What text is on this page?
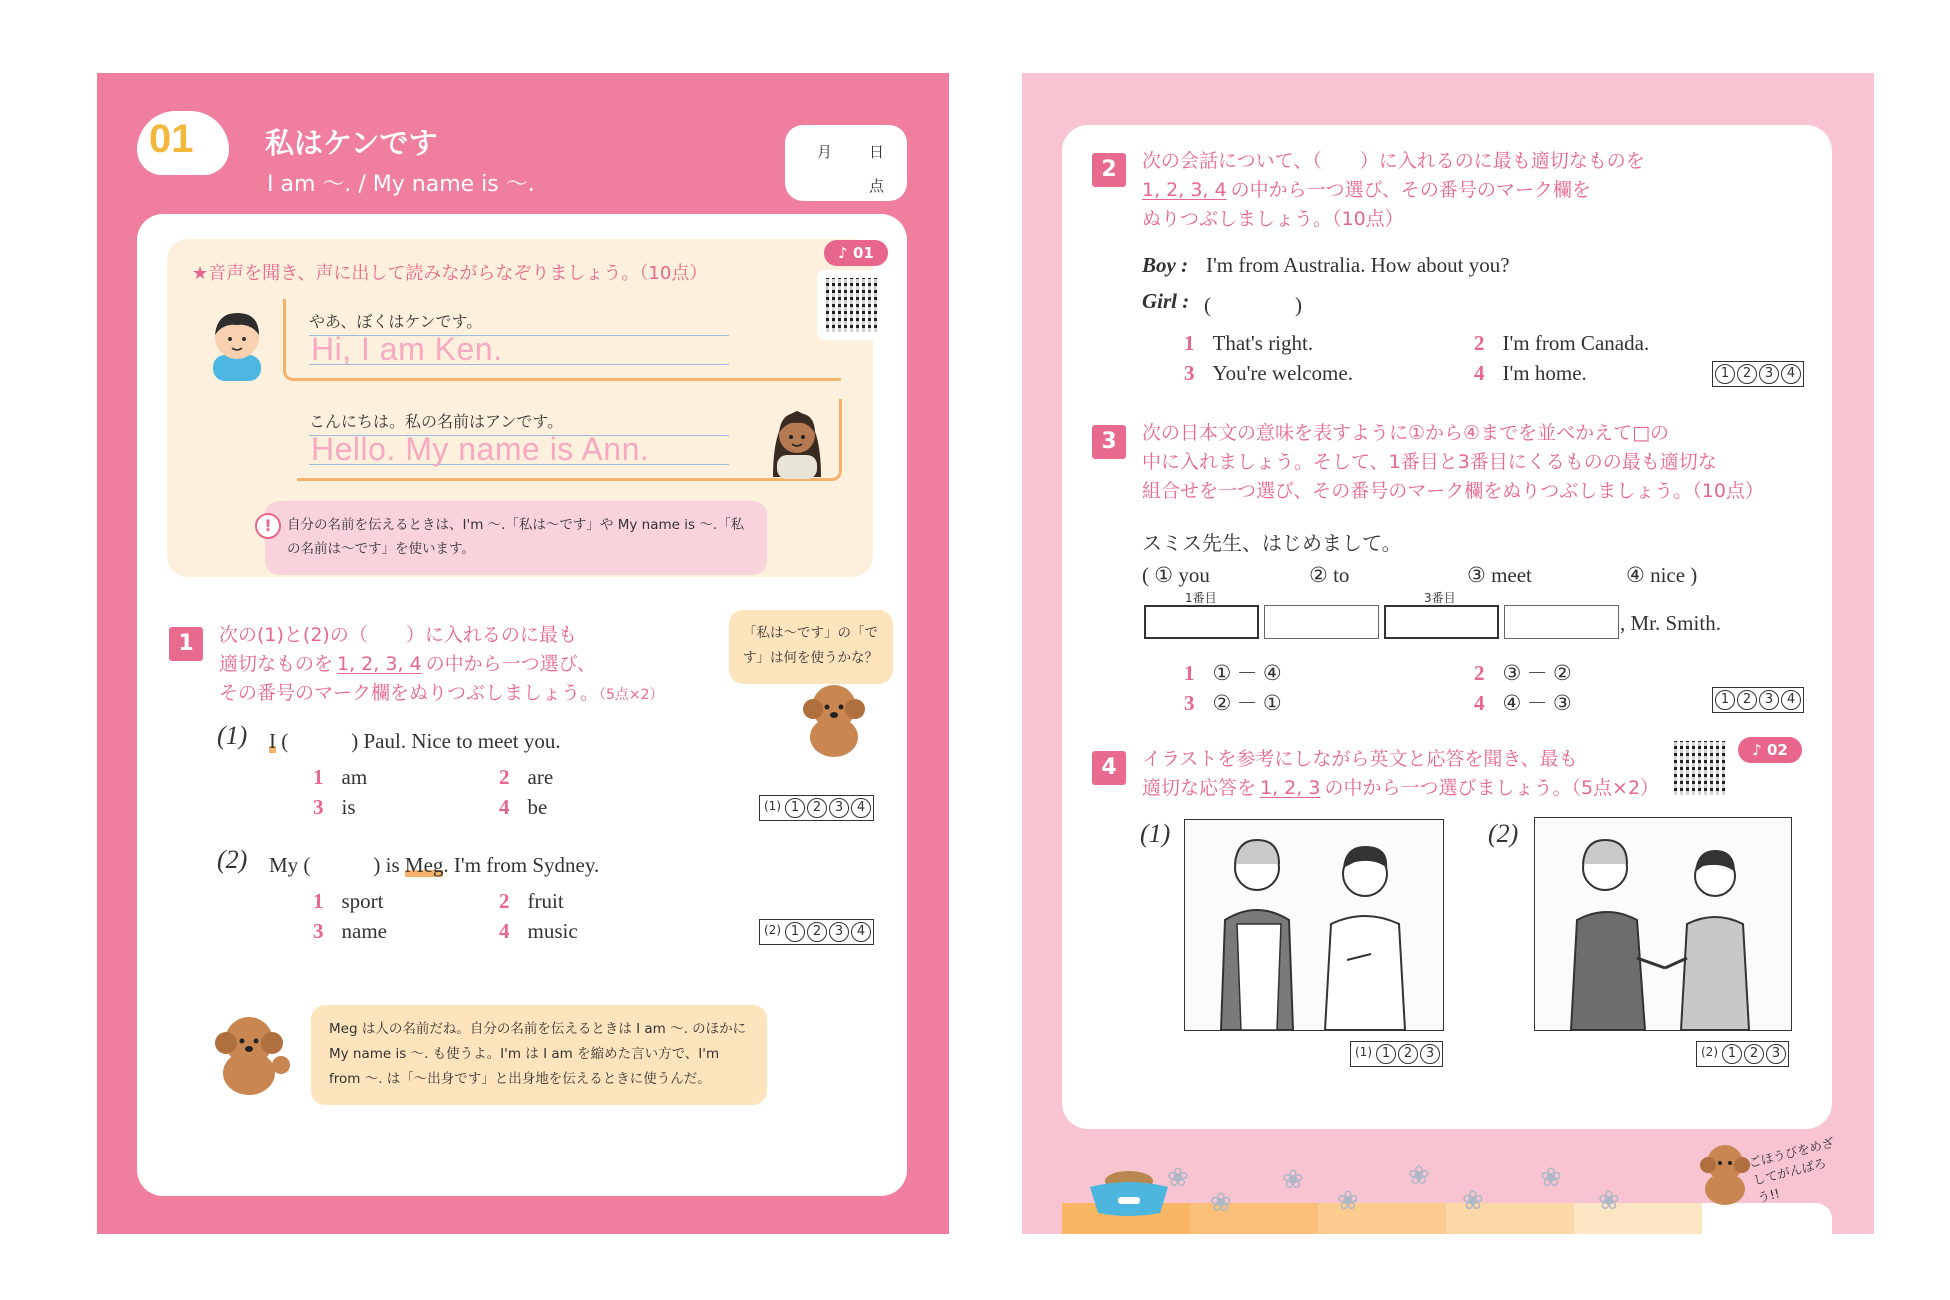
01 私はケンです
I am ～. / My name is ～.
月 日
点
★音声を聞き、声に出して読みながらなぞりましょう。（10点）
♪ 01
やあ、ぼくはケンです。
Hi, I am Ken.
こんにちは。私の名前はアンです。
Hello. My name is Ann.
!	自分の名前を伝えるときは、I'm ～.「私は～です」や My name is ～.「私の名前は～です」を使います。
1	次の(1)と(2)の（　　）に入れるのに最も
適切なものを 1, 2, 3, 4 の中から一つ選び、
その番号のマーク欄をぬりつぶしましょう。（5点×2）
「私は～です」の「です」は何を使うかな？
(1) I (　　　) Paul. Nice to meet you.
1 am	2 are
3 is	4 be	(1) 1	2	3	4
(2) My (　　　) is Meg. I'm from Sydney.
1 sport	2 fruit
3 name	4 music	(2) 1	2	3	4
Meg は人の名前だね。自分の名前を伝えるときは I am ～. のほかに My name is ～. も使うよ。I'm は I am を縮めた言い方で、I'm from ～. は「～出身です」と出身地を伝えるときに使うんだ。
2	次の会話について、（　　）に入れるのに最も適切なものを
1, 2, 3, 4 の中から一つ選び、その番号のマーク欄を
ぬりつぶしましょう。（10点）
Boy : I'm from Australia. How about you?
Girl : (　　　　)
1 That's right.	2 I'm from Canada.
3 You're welcome.	4 I'm home.	1	2	3	4
3	次の日本文の意味を表すように①から④までを並べかえて□の
中に入れましょう。そして、1番目と3番目にくるものの最も適切な
組合せを一つ選び、その番号のマーク欄をぬりつぶしましょう。（10点）
スミス先生、はじめまして。
( ① you	② to	③ meet	④ nice )
1番目	3番目
, Mr. Smith.
1 ① － ④	2 ③ － ②
3 ② － ①	4 ④ － ③	1	2	3	4
4	イラストを参考にしながら英文と応答を聞き、最も
適切な応答を 1, 2, 3 の中から一つ選びましょう。（5点×2）
♪ 02
(1)
(1) 1	2	3
(2)
(2) 1	2	3
❀
❀
❀
❀
❀
❀
❀
❀
ごほうびをめざしてがんばろう!!
